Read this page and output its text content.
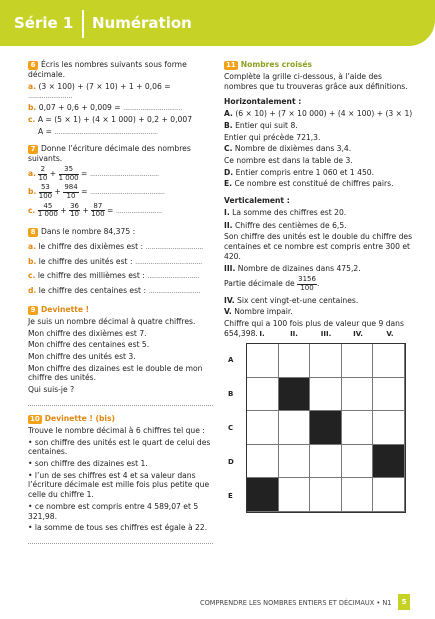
Série 1 Numération
6 Écris les nombres suivants sous forme décimale.
a. (3 × 100) + (7 × 10) + 1 + 0,06 = .......................
b. 0,07 + 0,6 + 0,009 = ...............................
c. A = (5 × 1) + (4 × 1 000) + 0,2 + 0,007
A = ......................................................
7 Donne l’écriture décimale des nombres suivants.
a. $\frac{2}{10} + \frac{35}{1 000}$ = ....................................
b. $\frac{53}{100} + \frac{984}{10}$ = .......................................
c. $\frac{45}{1 000} + \frac{36}{10} + \frac{87}{100}$ = ........................
8 Dans le nombre 84,375 :
a. le chiffre des dixièmes est : ..............................
b. le chiffre des unités est : ...................................
c. le chiffre des millièmes est : ...........................
d. le chiffre des centaines est : ...........................
9 Devinette !
Je suis un nombre décimal à quatre chiffres.
Mon chiffre des dixièmes est 7.
Mon chiffre des centaines est 5.
Mon chiffre des unités est 3.
Mon chiffre des dizaines est le double de mon chiffre des unités.
Qui suis-je ?
10 Devinette ! (bis)
Trouve le nombre décimal à 6 chiffres tel que :
• son chiffre des unités est le quart de celui des centaines.
• son chiffre des dizaines est 1.
• l’un de ses chiffres est 4 et sa valeur dans l’écriture décimale est mille fois plus petite que celle du chiffre 1.
• ce nombre est compris entre 4 589,07 et 5 321,98.
• la somme de tous ses chiffres est égale à 22.
11 Nombres croisés
Complète la grille ci-dessous, à l’aide des nombres que tu trouveras grâce aux définitions.
Horizontalement :
A. (6 × 10) + (7 × 10 000) + (4 × 100) + (3 × 1)
B. Entier qui suit 8.
Entier qui précède 721,3.
C. Nombre de dixièmes dans 3,4.
Ce nombre est dans la table de 3.
D. Entier compris entre 1 060 et 1 450.
E. Ce nombre est constitué de chiffres pairs.
Verticalement :
I. La somme des chiffres est 20.
II. Chiffre des centièmes de 6,5.
Son chiffre des unités est le double du chiffre des centaines et ce nombre est compris entre 300 et 420.
III. Nombre de dizaines dans 475,2.
Partie décimale de $\frac{3156}{100}$ .
IV. Six cent vingt-et-une centaines.
V. Nombre impair.
Chiffre qui a 100 fois plus de valeur que 9 dans 654,398. I.	II.	III.	IV.	V.
A
B
C
D
E
COMPRENDRE LES NOMBRES ENTIERS ET DÉCIMAUX • N1	5
